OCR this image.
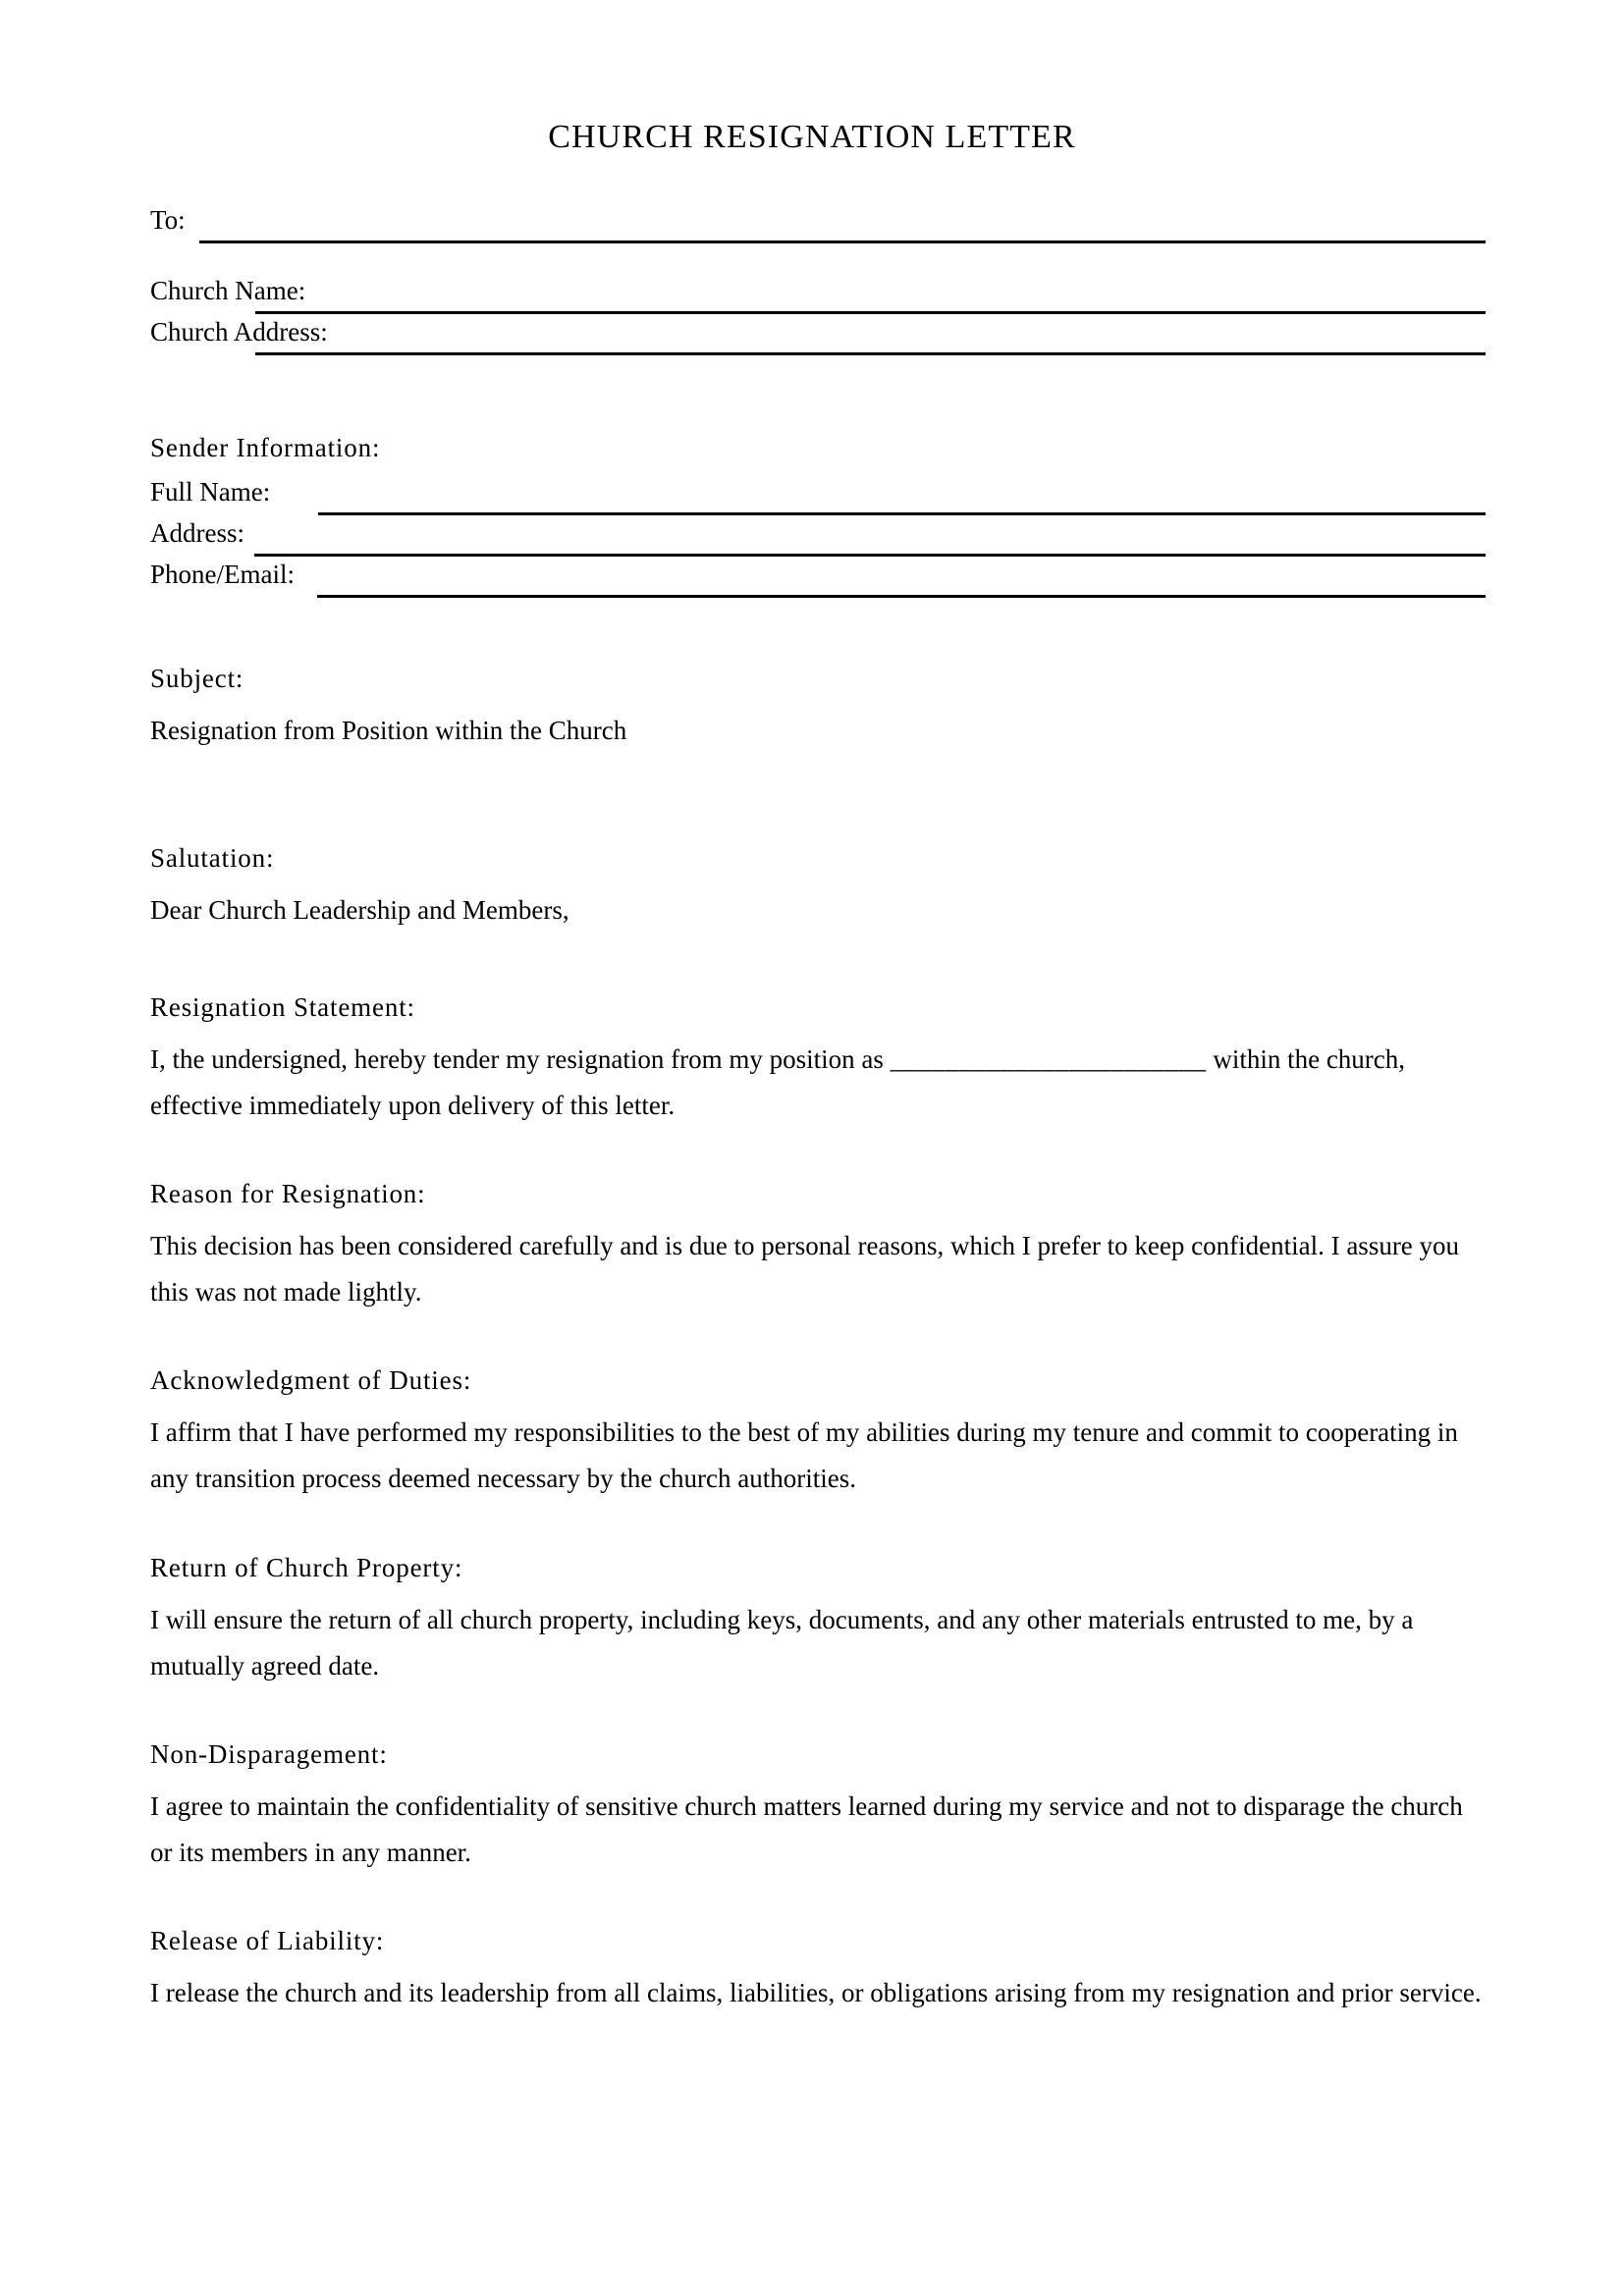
CHURCH RESIGNATION LETTER
To:
Church Name:
Church Address:
Sender Information:
Full Name:
Address:
Phone/Email:

Subject:

Resignation from Position within the Church

Salutation:

Dear Church Leadership and Members,

Resignation Statement:

I, the undersigned, hereby tender my resignation from my position as _______________________ within the church, effective immediately upon delivery of this letter.

Reason for Resignation:

This decision has been considered carefully and is due to personal reasons, which I prefer to keep confidential. I assure you this was not made lightly.

Acknowledgment of Duties:

I affirm that I have performed my responsibilities to the best of my abilities during my tenure and commit to cooperating in any transition process deemed necessary by the church authorities.

Return of Church Property:

I will ensure the return of all church property, including keys, documents, and any other materials entrusted to me, by a mutually agreed date.

Non-Disparagement:

I agree to maintain the confidentiality of sensitive church matters learned during my service and not to disparage the church or its members in any manner.

Release of Liability:

I release the church and its leadership from all claims, liabilities, or obligations arising from my resignation and prior service.
